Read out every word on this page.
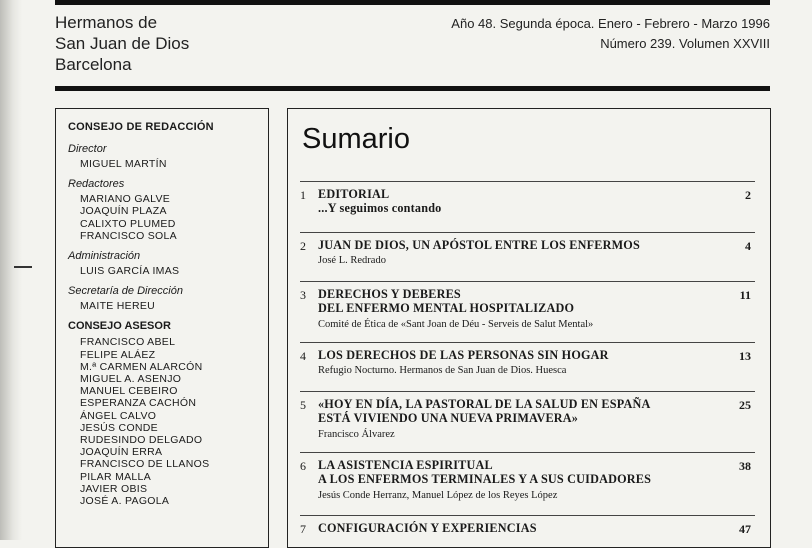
Hermanos de
San Juan de Dios
Barcelona
Año 48. Segunda época. Enero - Febrero - Marzo 1996
Número 239. Volumen XXVIII
CONSEJO DE REDACCIÓN
Director
MIGUEL MARTÍN
Redactores
MARIANO GALVE
JOAQUÍN PLAZA
CALIXTO PLUMED
FRANCISCO SOLA
Administración
LUIS GARCÍA IMAS
Secretaría de Dirección
MAITE HEREU
CONSEJO ASESOR
FRANCISCO ABEL
FELIPE ALÁEZ
M.ª CARMEN ALARCÓN
MIGUEL A. ASENJO
MANUEL CEBEIRO
ESPERANZA CACHÓN
ÁNGEL CALVO
JESÚS CONDE
RUDESINDO DELGADO
JOAQUÍN ERRA
FRANCISCO DE LLANOS
PILAR MALLA
JAVIER OBIS
JOSÉ A. PAGOLA
Sumario
1 EDITORIAL
...Y seguimos contando
2
2 JUAN DE DIOS, UN APÓSTOL ENTRE LOS ENFERMOS
José L. Redrado
4
3 DERECHOS Y DEBERES
DEL ENFERMO MENTAL HOSPITALIZADO
Comité de Ética de «Sant Joan de Déu - Serveis de Salut Mental»
11
4 LOS DERECHOS DE LAS PERSONAS SIN HOGAR
Refugio Nocturno. Hermanos de San Juan de Dios. Huesca
13
5 «HOY EN DÍA, LA PASTORAL DE LA SALUD EN ESPAÑA
ESTÁ VIVIENDO UNA NUEVA PRIMAVERA»
Francisco Álvarez
25
6 LA ASISTENCIA ESPIRITUAL
A LOS ENFERMOS TERMINALES Y A SUS CUIDADORES
Jesús Conde Herranz, Manuel López de los Reyes López
38
7 CONFIGURACIÓN Y EXPERIENCIAS	47
